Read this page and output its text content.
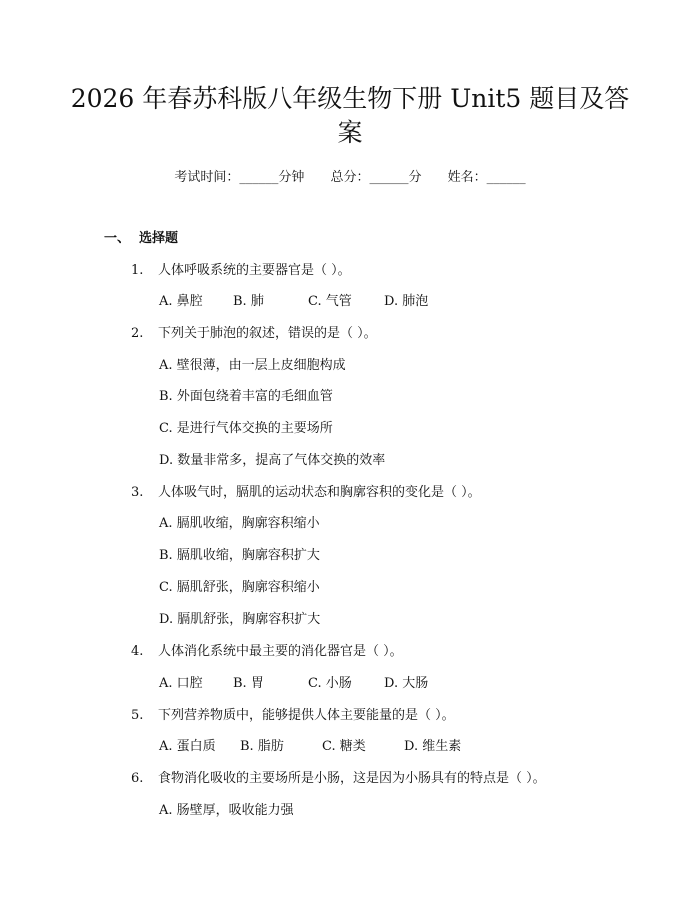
2026 年春苏科版八年级生物下册 Unit5 题目及答案
考试时间：______分钟 总分：______分 姓名：______
一、 选择题
1. 人体呼吸系统的主要器官是（ ）。
A. 鼻腔 B. 肺	C. 气管 D. 肺泡
2. 下列关于肺泡的叙述，错误的是（ ）。
A. 壁很薄，由一层上皮细胞构成
B. 外面包绕着丰富的毛细血管
C. 是进行气体交换的主要场所
D. 数量非常多，提高了气体交换的效率
3. 人体吸气时，膈肌的运动状态和胸廓容积的变化是（ ）。
A. 膈肌收缩，胸廓容积缩小
B. 膈肌收缩，胸廓容积扩大
C. 膈肌舒张，胸廓容积缩小
D. 膈肌舒张，胸廓容积扩大
4. 人体消化系统中最主要的消化器官是（ ）。
A. 口腔 B. 胃	C. 小肠 D. 大肠
5. 下列营养物质中，能够提供人体主要能量的是（ ）。
A. 蛋白质 B. 脂肪	C. 糖类	D. 维生素
6. 食物消化吸收的主要场所是小肠，这是因为小肠具有的特点是（ ）。
A. 肠壁厚，吸收能力强
